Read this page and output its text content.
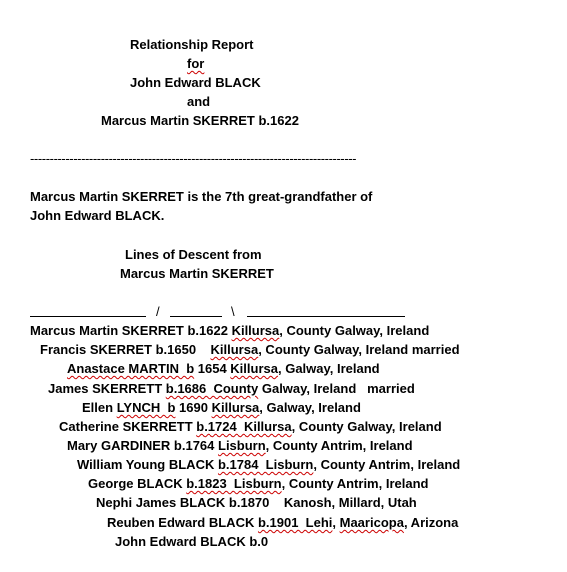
Relationship Report
for
John Edward BLACK
and
Marcus Martin SKERRET b.1622
-----------------------------------------------------------------------------------
Marcus Martin SKERRET is the 7th great-grandfather of
John Edward BLACK.
Lines of Descent from
Marcus Martin SKERRET
/	\
Marcus Martin SKERRET b.1622 Killursa, County Galway, Ireland
Francis SKERRET b.1650    Killursa, County Galway, Ireland married
Anastace MARTIN  b 1654 Killursa, Galway, Ireland
James SKERRETT b.1686  County Galway, Ireland   married
Ellen LYNCH  b 1690 Killursa, Galway, Ireland
Catherine SKERRETT b.1724  Killursa, County Galway, Ireland
Mary GARDINER b.1764 Lisburn, County Antrim, Ireland
William Young BLACK b.1784  Lisburn, County Antrim, Ireland
George BLACK b.1823  Lisburn, County Antrim, Ireland
Nephi James BLACK b.1870    Kanosh, Millard, Utah
Reuben Edward BLACK b.1901  Lehi, Maaricopa, Arizona
John Edward BLACK b.0
